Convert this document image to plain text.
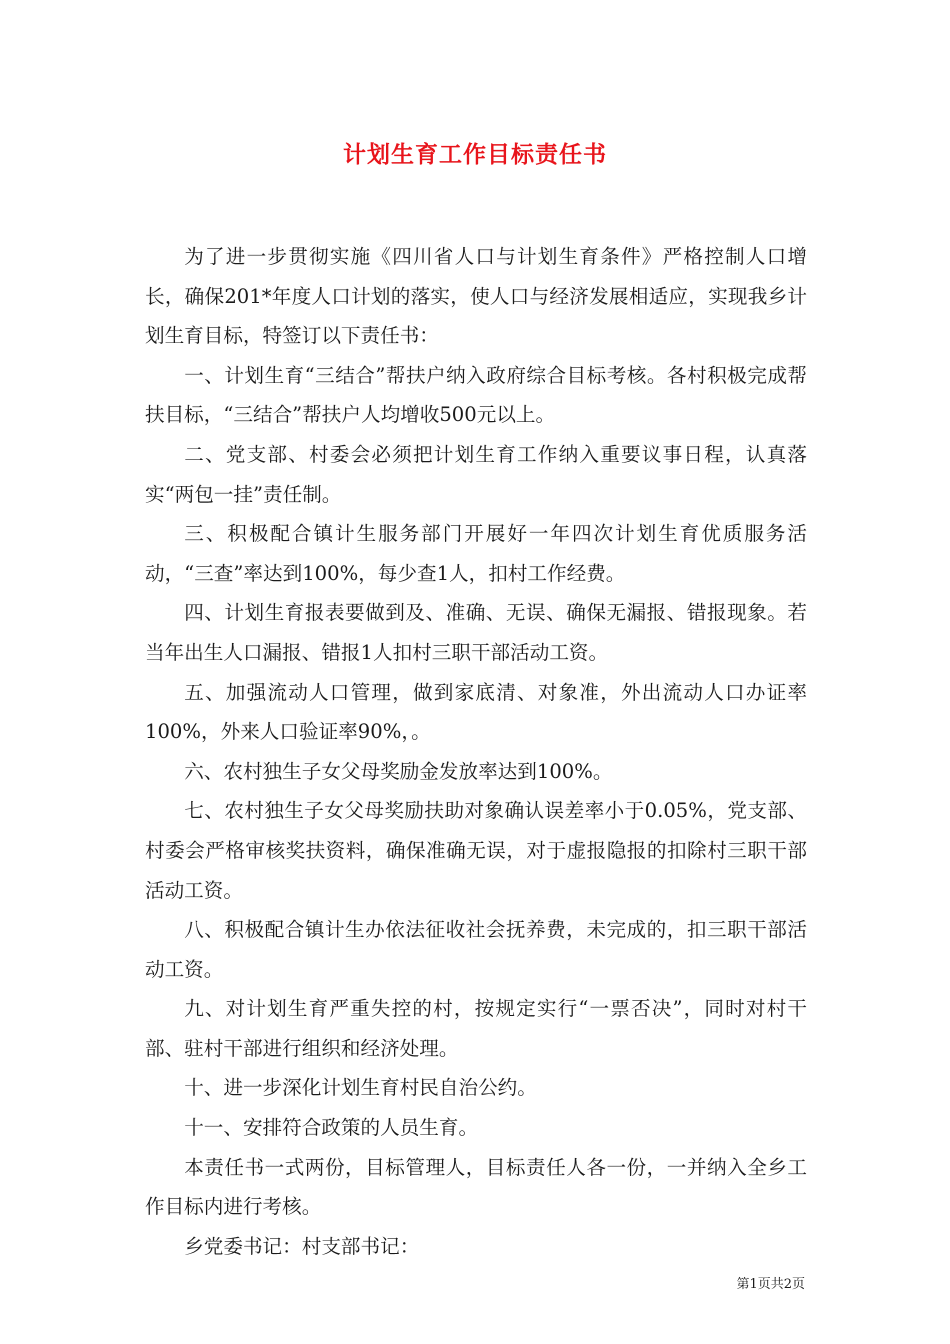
计划生育工作目标责任书

为了进一步贯彻实施《四川省人口与计划生育条件》严格控制人口增长，确保201*年度人口计划的落实，使人口与经济发展相适应，实现我乡计划生育目标，特签订以下责任书：

一、计划生育“三结合”帮扶户纳入政府综合目标考核。各村积极完成帮扶目标，“三结合”帮扶户人均增收500元以上。

二、党支部、村委会必须把计划生育工作纳入重要议事日程，认真落实“两包一挂”责任制。

三、积极配合镇计生服务部门开展好一年四次计划生育优质服务活动，“三查”率达到100%，每少查1人，扣村工作经费。

四、计划生育报表要做到及、准确、无误、确保无漏报、错报现象。若当年出生人口漏报、错报1人扣村三职干部活动工资。

五、加强流动人口管理，做到家底清、对象准，外出流动人口办证率100%，外来人口验证率90%，。

六、农村独生子女父母奖励金发放率达到100%。

七、农村独生子女父母奖励扶助对象确认误差率小于0.05%，党支部、村委会严格审核奖扶资料，确保准确无误，对于虚报隐报的扣除村三职干部活动工资。

八、积极配合镇计生办依法征收社会抚养费，未完成的，扣三职干部活动工资。

九、对计划生育严重失控的村，按规定实行“一票否决”，同时对村干部、驻村干部进行组织和经济处理。

十、进一步深化计划生育村民自治公约。

十一、安排符合政策的人员生育。

本责任书一式两份，目标管理人，目标责任人各一份，一并纳入全乡工作目标内进行考核。

乡党委书记：村支部书记：

第1页共2页
